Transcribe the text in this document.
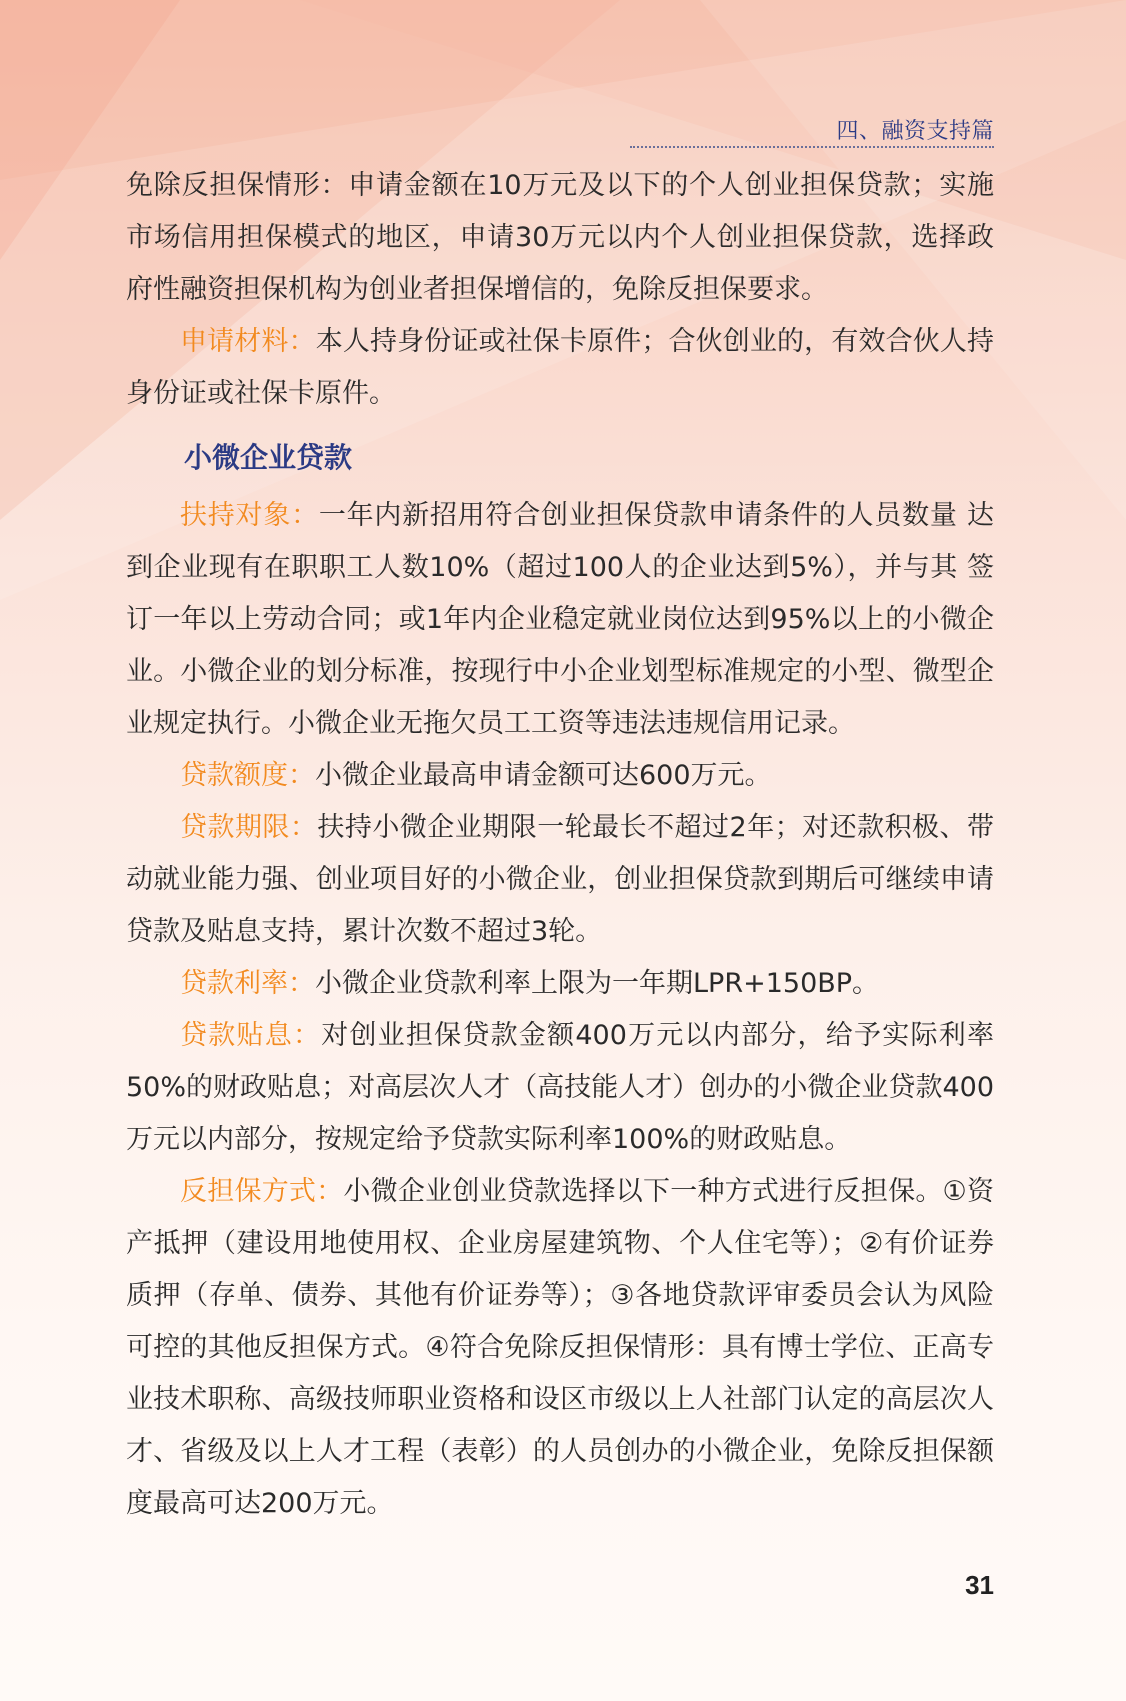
四、融资支持篇

免除反担保情形：申请金额在10万元及以下的个人创业担保贷款；实施市场信用担保模式的地区，申请30万元以内个人创业担保贷款，选择政府性融资担保机构为创业者担保增信的，免除反担保要求。

申请材料：本人持身份证或社保卡原件；合伙创业的，有效合伙人持身份证或社保卡原件。

小微企业贷款

扶持对象：一年内新招用符合创业担保贷款申请条件的人员数量 达到企业现有在职职工人数10%（超过100人的企业达到5%），并与其 签订一年以上劳动合同；或1年内企业稳定就业岗位达到95%以上的小微企业。小微企业的划分标准，按现行中小企业划型标准规定的小型、微型企业规定执行。小微企业无拖欠员工工资等违法违规信用记录。

贷款额度：小微企业最高申请金额可达600万元。

贷款期限：扶持小微企业期限一轮最长不超过2年；对还款积极、带动就业能力强、创业项目好的小微企业，创业担保贷款到期后可继续申请贷款及贴息支持，累计次数不超过3轮。

贷款利率：小微企业贷款利率上限为一年期LPR+150BP。

贷款贴息：对创业担保贷款金额400万元以内部分，给予实际利率50%的财政贴息；对高层次人才（高技能人才）创办的小微企业贷款400万元以内部分，按规定给予贷款实际利率100%的财政贴息。

反担保方式：小微企业创业贷款选择以下一种方式进行反担保。①资产抵押（建设用地使用权、企业房屋建筑物、个人住宅等）；②有价证券质押（存单、债券、其他有价证券等）；③各地贷款评审委员会认为风险可控的其他反担保方式。④符合免除反担保情形：具有博士学位、正高专业技术职称、高级技师职业资格和设区市级以上人社部门认定的高层次人才、省级及以上人才工程（表彰）的人员创办的小微企业，免除反担保额度最高可达200万元。

31
